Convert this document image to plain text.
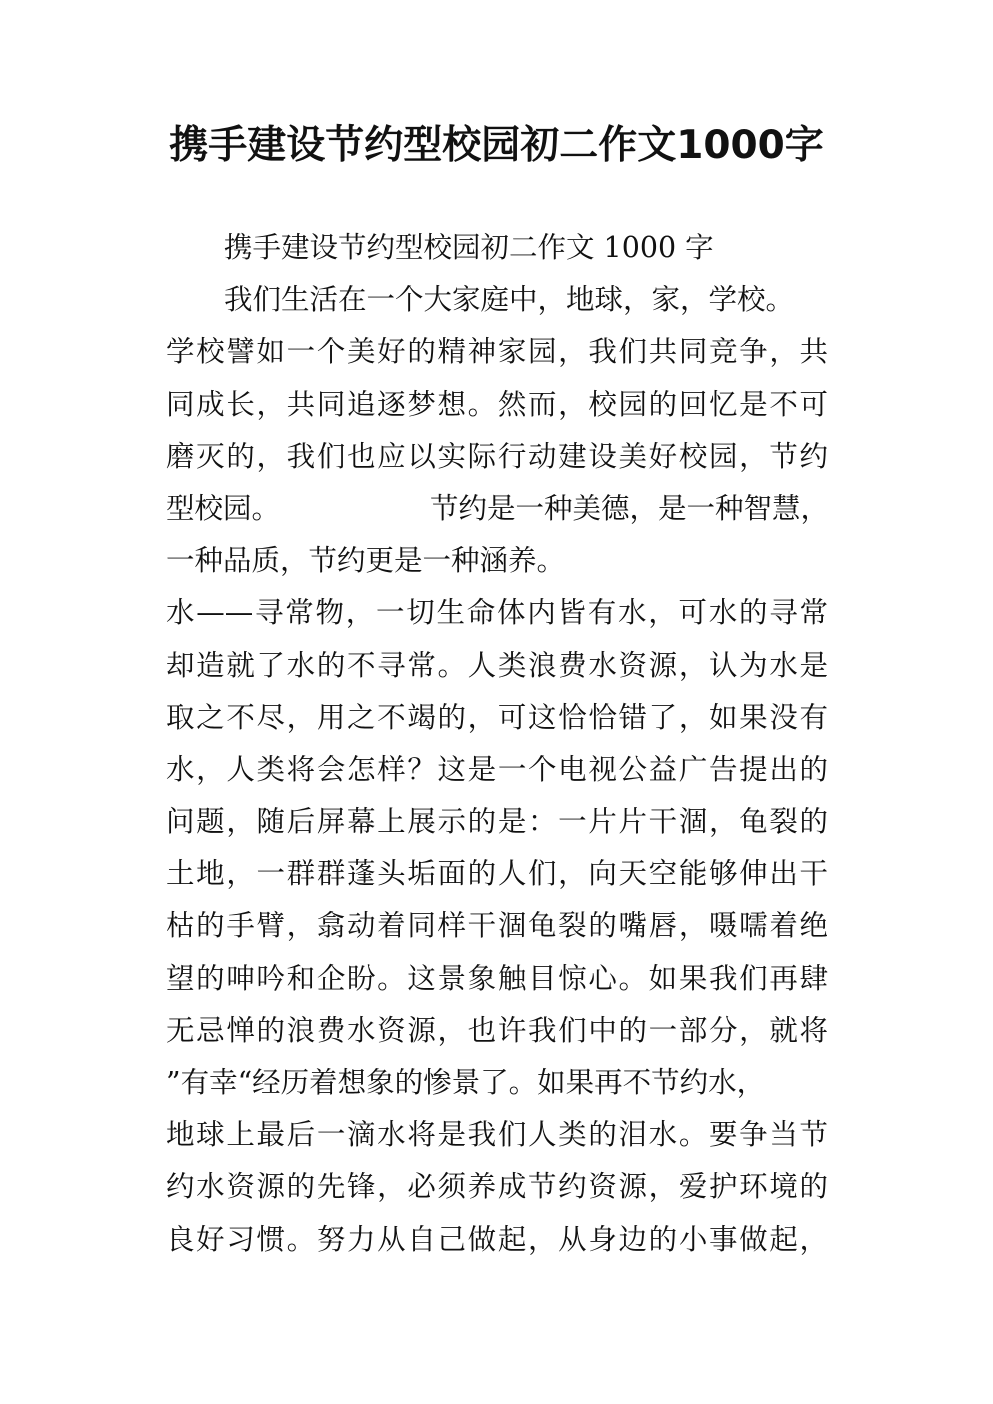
携手建设节约型校园初二作文1000字
携手建设节约型校园初二作文 1000 字
我们生活在一个大家庭中，地球，家，学校。
学校譬如一个美好的精神家园，我们共同竞争，共
同成长，共同追逐梦想。然而，校园的回忆是不可
磨灭的，我们也应以实际行动建设美好校园，节约
型校园。	节约是一种美德，是一种智慧，
一种品质，节约更是一种涵养。
水——寻常物，一切生命体内皆有水，可水的寻常
却造就了水的不寻常。人类浪费水资源，认为水是
取之不尽，用之不竭的，可这恰恰错了，如果没有
水，人类将会怎样？这是一个电视公益广告提出的
问题，随后屏幕上展示的是：一片片干涸，龟裂的
土地，一群群蓬头垢面的人们，向天空能够伸出干
枯的手臂，翕动着同样干涸龟裂的嘴唇，嗫嚅着绝
望的呻吟和企盼。这景象触目惊心。如果我们再肆
无忌惮的浪费水资源，也许我们中的一部分，就将
”有幸“经历着想象的惨景了。如果再不节约水，
地球上最后一滴水将是我们人类的泪水。要争当节
约水资源的先锋，必须养成节约资源，爱护环境的
良好习惯。努力从自己做起，从身边的小事做起，
